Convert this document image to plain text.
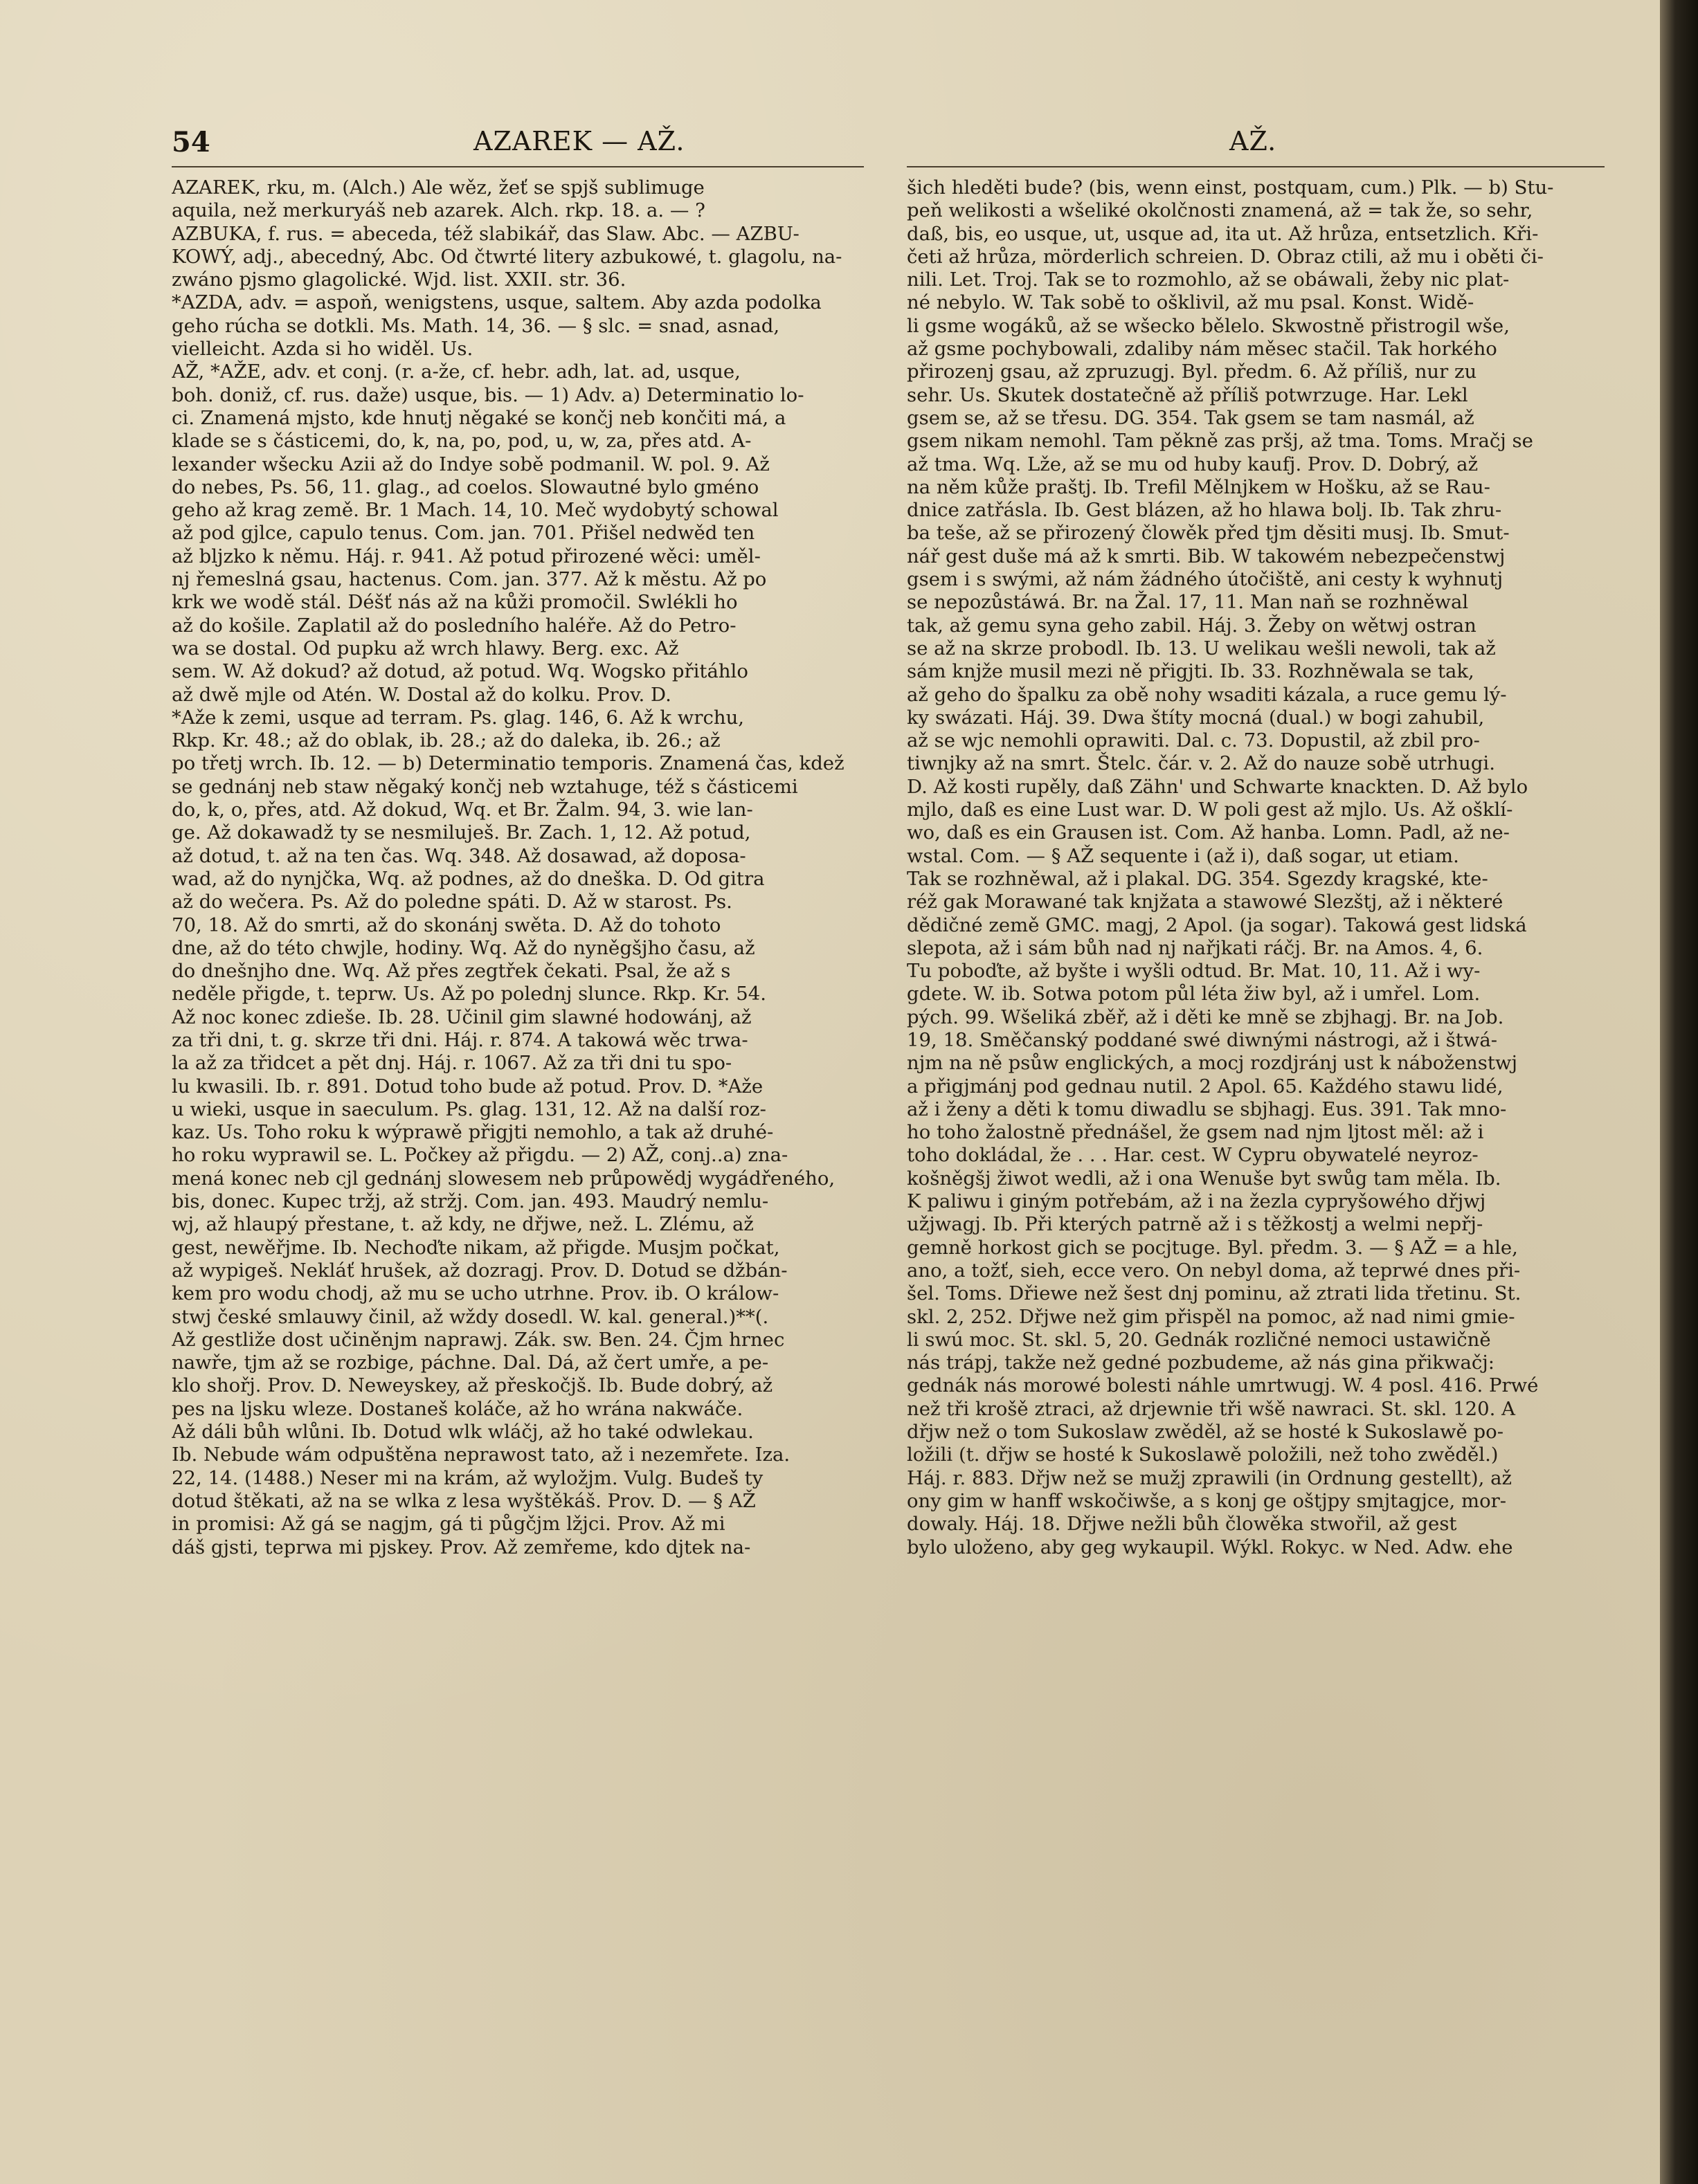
54	AZAREK — AŽ.	AŽ.

AZAREK, rku, m. (Alch.) Ale wěz, žeť se spjš sublimuge

aquila, než merkuryáš neb azarek. Alch. rkp. 18. a. — ?

AZBUKA, f. rus. = abeceda, též slabikář, das Slaw. Abc. — AZBU-

KOWÝ, adj., abecedný, Abc. Od čtwrté litery azbukowé, t. glagolu, na-

zwáno pjsmo glagolické. Wjd. list. XXII. str. 36.

*AZDA, adv. = aspoň, wenigstens, usque, saltem. Aby azda podolka

geho rúcha se dotkli. Ms. Math. 14, 36. — § slc. = snad, asnad,

vielleicht. Azda si ho widěl. Us.

AŽ, *AŽE, adv. et conj. (r. a-že, cf. hebr. adh, lat. ad, usque,

boh. doniž, cf. rus. daže) usque, bis. — 1) Adv. a) Determinatio lo-

ci. Znamená mjsto, kde hnutj něgaké se končj neb končiti má, a

klade se s částicemi, do, k, na, po, pod, u, w, za, přes atd. A-

lexander wšecku Azii až do Indye sobě podmanil. W. pol. 9. Až

do nebes, Ps. 56, 11. glag., ad coelos. Slowautné bylo gméno

geho až krag země. Br. 1 Mach. 14, 10. Meč wydobytý schowal

až pod gjlce, capulo tenus. Com. jan. 701. Přišel nedwěd ten

až bljzko k němu. Háj. r. 941. Až potud přirozené wěci: uměl-

nj řemeslná gsau, hactenus. Com. jan. 377. Až k městu. Až po

krk we wodě stál. Déšť nás až na kůži promočil. Swlékli ho

až do košile. Zaplatil až do posledního haléře. Až do Petro-

wa se dostal. Od pupku až wrch hlawy. Berg. exc. Až

sem. W. Až dokud? až dotud, až potud. Wq. Wogsko přitáhlo

až dwě mjle od Atén. W. Dostal až do kolku. Prov. D.

*Aže k zemi, usque ad terram. Ps. glag. 146, 6. Až k wrchu,

Rkp. Kr. 48.; až do oblak, ib. 28.; až do daleka, ib. 26.; až

po třetj wrch. Ib. 12. — b) Determinatio temporis. Znamená čas, kdež

se gednánj neb staw něgaký končj neb wztahuge, též s částicemi

do, k, o, přes, atd. Až dokud, Wq. et Br. Žalm. 94, 3. wie lan-

ge. Až dokawadž ty se nesmiluješ. Br. Zach. 1, 12. Až potud,

až dotud, t. až na ten čas. Wq. 348. Až dosawad, až doposa-

wad, až do nynjčka, Wq. až podnes, až do dneška. D. Od gitra

až do wečera. Ps. Až do poledne spáti. D. Až w starost. Ps.

70, 18. Až do smrti, až do skonánj swěta. D. Až do tohoto

dne, až do této chwjle, hodiny. Wq. Až do nyněgšjho času, až

do dnešnjho dne. Wq. Až přes zegtřek čekati. Psal, že až s

neděle přigde, t. teprw. Us. Až po polednj slunce. Rkp. Kr. 54.

Až noc konec zdieše. Ib. 28. Učinil gim slawné hodowánj, až

za tři dni, t. g. skrze tři dni. Háj. r. 874. A takowá wěc trwa-

la až za třidcet a pět dnj. Háj. r. 1067. Až za tři dni tu spo-

lu kwasili. Ib. r. 891. Dotud toho bude až potud. Prov. D. *Aže

u wieki, usque in saeculum. Ps. glag. 131, 12. Až na další roz-

kaz. Us. Toho roku k wýprawě přigjti nemohlo, a tak až druhé-

ho roku wyprawil se. L. Počkey až přigdu. — 2) AŽ, conj..a) zna-

mená konec neb cjl gednánj slowesem neb průpowědj wygádřeného,

bis, donec. Kupec tržj, až stržj. Com. jan. 493. Maudrý nemlu-

wj, až hlaupý přestane, t. až kdy, ne dřjwe, než. L. Zlému, až

gest, newěřjme. Ib. Nechoďte nikam, až přigde. Musjm počkat,

až wypigeš. Nekláť hrušek, až dozragj. Prov. D. Dotud se džbán-

kem pro wodu chodj, až mu se ucho utrhne. Prov. ib. O králow-

stwj české smlauwy činil, až wždy dosedl. W. kal. general.)**(.

Až gestliže dost učiněnjm naprawj. Zák. sw. Ben. 24. Čjm hrnec

nawře, tjm až se rozbige, páchne. Dal. Dá, až čert umře, a pe-

klo shořj. Prov. D. Neweyskey, až přeskočjš. Ib. Bude dobrý, až

pes na ljsku wleze. Dostaneš koláče, až ho wrána nakwáče.

Až dáli bůh wlůni. Ib. Dotud wlk wláčj, až ho také odwlekau.

Ib. Nebude wám odpuštěna neprawost tato, až i nezemřete. Iza.

22, 14. (1488.) Neser mi na krám, až wyložjm. Vulg. Budeš ty

dotud štěkati, až na se wlka z lesa wyštěkáš. Prov. D. — § AŽ

in promisi: Až gá se nagjm, gá ti půgčjm lžjci. Prov. Až mi

dáš gjsti, teprwa mi pjskey. Prov. Až zemřeme, kdo djtek na-

šich hleděti bude? (bis, wenn einst, postquam, cum.) Plk. — b) Stu-

peň welikosti a wšeliké okolčnosti znamená, až = tak že, so sehr,

daß, bis, eo usque, ut, usque ad, ita ut. Až hrůza, entsetzlich. Kři-

četi až hrůza, mörderlich schreien. D. Obraz ctili, až mu i oběti či-

nili. Let. Troj. Tak se to rozmohlo, až se obáwali, žeby nic plat-

né nebylo. W. Tak sobě to ošklivil, až mu psal. Konst. Widě-

li gsme wogáků, až se wšecko bělelo. Skwostně přistrogil wše,

až gsme pochybowali, zdaliby nám měsec stačil. Tak horkého

přirozenj gsau, až zpruzugj. Byl. předm. 6. Až příliš, nur zu

sehr. Us. Skutek dostatečně až příliš potwrzuge. Har. Lekl

gsem se, až se třesu. DG. 354. Tak gsem se tam nasmál, až

gsem nikam nemohl. Tam pěkně zas pršj, až tma. Toms. Mračj se

až tma. Wq. Lže, až se mu od huby kaufj. Prov. D. Dobrý, až

na něm kůže praštj. Ib. Trefil Mělnjkem w Hošku, až se Rau-

dnice zatřásla. Ib. Gest blázen, až ho hlawa bolj. Ib. Tak zhru-

ba teše, až se přirozený člowěk před tjm děsiti musj. Ib. Smut-

nář gest duše má až k smrti. Bib. W takowém nebezpečenstwj

gsem i s swými, až nám žádného útočiště, ani cesty k wyhnutj

se nepozůstáwá. Br. na Žal. 17, 11. Man naň se rozhněwal

tak, až gemu syna geho zabil. Háj. 3. Žeby on wětwj ostran

se až na skrze probodl. Ib. 13. U welikau wešli newoli, tak až

sám knjže musil mezi ně přigjti. Ib. 33. Rozhněwala se tak,

až geho do špalku za obě nohy wsaditi kázala, a ruce gemu lý-

ky swázati. Háj. 39. Dwa štíty mocná (dual.) w bogi zahubil,

až se wjc nemohli oprawiti. Dal. c. 73. Dopustil, až zbil pro-

tiwnjky až na smrt. Štelc. čár. v. 2. Až do nauze sobě utrhugi.

D. Až kosti rupěly, daß Zähn' und Schwarte knackten. D. Až bylo

mjlo, daß es eine Lust war. D. W poli gest až mjlo. Us. Až ošklí-

wo, daß es ein Grausen ist. Com. Až hanba. Lomn. Padl, až ne-

wstal. Com. — § AŽ sequente i (až i), daß sogar, ut etiam.

Tak se rozhněwal, až i plakal. DG. 354. Sgezdy kragské, kte-

réž gak Morawané tak knjžata a stawowé Slezštj, až i některé

dědičné země GMC. magj, 2 Apol. (ja sogar). Takowá gest lidská

slepota, až i sám bůh nad nj nařjkati ráčj. Br. na Amos. 4, 6.

Tu poboďte, až byšte i wyšli odtud. Br. Mat. 10, 11. Až i wy-

gdete. W. ib. Sotwa potom půl léta žiw byl, až i umřel. Lom.

pých. 99. Wšeliká zběř, až i děti ke mně se zbjhagj. Br. na Job.

19, 18. Směčanský poddané swé diwnými nástrogi, až i štwá-

njm na ně psůw englických, a mocj rozdjránj ust k náboženstwj

a přigjmánj pod gednau nutil. 2 Apol. 65. Každého stawu lidé,

až i ženy a děti k tomu diwadlu se sbjhagj. Eus. 391. Tak mno-

ho toho žalostně přednášel, že gsem nad njm ljtost měl: až i

toho dokládal, že . . . Har. cest. W Cypru obywatelé neyroz-

košněgšj žiwot wedli, až i ona Wenuše byt swůg tam měla. Ib.

K paliwu i giným potřebám, až i na žezla cypryšowého dřjwj

užjwagj. Ib. Při kterých patrně až i s těžkostj a welmi nepřj-

gemně horkost gich se pocjtuge. Byl. předm. 3. — § AŽ = a hle,

ano, a tožť, sieh, ecce vero. On nebyl doma, až teprwé dnes při-

šel. Toms. Dřiewe než šest dnj pominu, až ztrati lida třetinu. St.

skl. 2, 252. Dřjwe než gim přispěl na pomoc, až nad nimi gmie-

li swú moc. St. skl. 5, 20. Gednák rozličné nemoci ustawičně

nás trápj, takže než gedné pozbudeme, až nás gina přikwačj:

gednák nás morowé bolesti náhle umrtwugj. W. 4 posl. 416. Prwé

než tři krošě ztraci, až drjewnie tři wšě nawraci. St. skl. 120. A

dřjw než o tom Sukoslaw zwěděl, až se hosté k Sukoslawě po-

ložili (t. dřjw se hosté k Sukoslawě položili, než toho zwěděl.)

Háj. r. 883. Dřjw než se mužj zprawili (in Ordnung gestellt), až

ony gim w hanff wskočiwše, a s konj ge oštjpy smjtagjce, mor-

dowaly. Háj. 18. Dřjwe nežli bůh člowěka stwořil, až gest

bylo uloženo, aby geg wykaupil. Wýkl. Rokyc. w Ned. Adw. ehe
